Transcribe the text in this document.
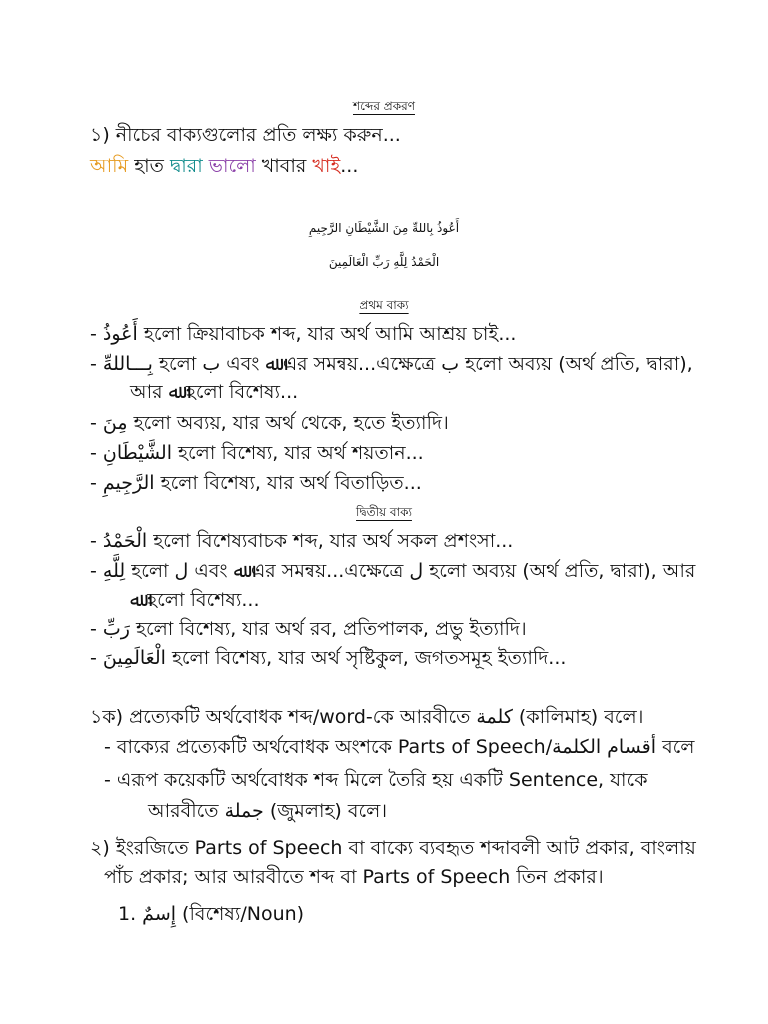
শব্দের প্রকরণ
১) নীচের বাক্যগুলোর প্রতি লক্ষ্য করুন...
আমি হাত দ্বারা ভালো খাবার খাই...
أَعُوذُ بِاللهِّ مِنَ الشَّيْطَانِ الرَّجِيمِ
الْحَمْدُ لِلَّهِ رَبِّ الْعَالَمِينَ
প্রথম বাক্য
- أَعُوذُ হলো ক্রিয়াবাচক শব্দ, যার অর্থ আমি আশ্রয় চাই...
- بِـــاللهِّ হলো ﺏ এবং ﷲ এর সমন্বয়...এক্ষেত্রে ﺏ হলো অব্যয় (অর্থ প্রতি, দ্বারা),
আর ﷲ হলো বিশেষ্য...
- مِنَ হলো অব্যয়, যার অর্থ থেকে, হতে ইত্যাদি।
- الشَّيْطَانِ হলো বিশেষ্য, যার অর্থ শয়তান...
- الرَّجِيمِ হলো বিশেষ্য, যার অর্থ বিতাড়িত...
দ্বিতীয় বাক্য
- الْحَمْدُ হলো বিশেষ্যবাচক শব্দ, যার অর্থ সকল প্রশংসা...
- لِلَّهِ হলো ﻝ এবং ﷲ এর সমন্বয়...এক্ষেত্রে ﻝ হলো অব্যয় (অর্থ প্রতি, দ্বারা), আর
ﷲ হলো বিশেষ্য...
- رَبِّ হলো বিশেষ্য, যার অর্থ রব, প্রতিপালক, প্রভু ইত্যাদি।
- الْعَالَمِينَ হলো বিশেষ্য, যার অর্থ সৃষ্টিকুল, জগতসমূহ ইত্যাদি...
১ক) প্রত্যেকটি অর্থবোধক শব্দ/word-কে আরবীতে كلمة (কালিমাহ) বলে।
- বাক্যের প্রত্যেকটি অর্থবোধক অংশকে Parts of Speech/أقسام الكلمة বলে
- এরূপ কয়েকটি অর্থবোধক শব্দ মিলে তৈরি হয় একটি Sentence, যাকে
আরবীতে جملة (জুমলাহ) বলে।
২) ইংরজিতে Parts of Speech বা বাক্যে ব্যবহৃত শব্দাবলী আট প্রকার, বাংলায়
পাঁচ প্রকার; আর আরবীতে শব্দ বা Parts of Speech তিন প্রকার।
1. إِسمٌ (বিশেষ্য/Noun)
